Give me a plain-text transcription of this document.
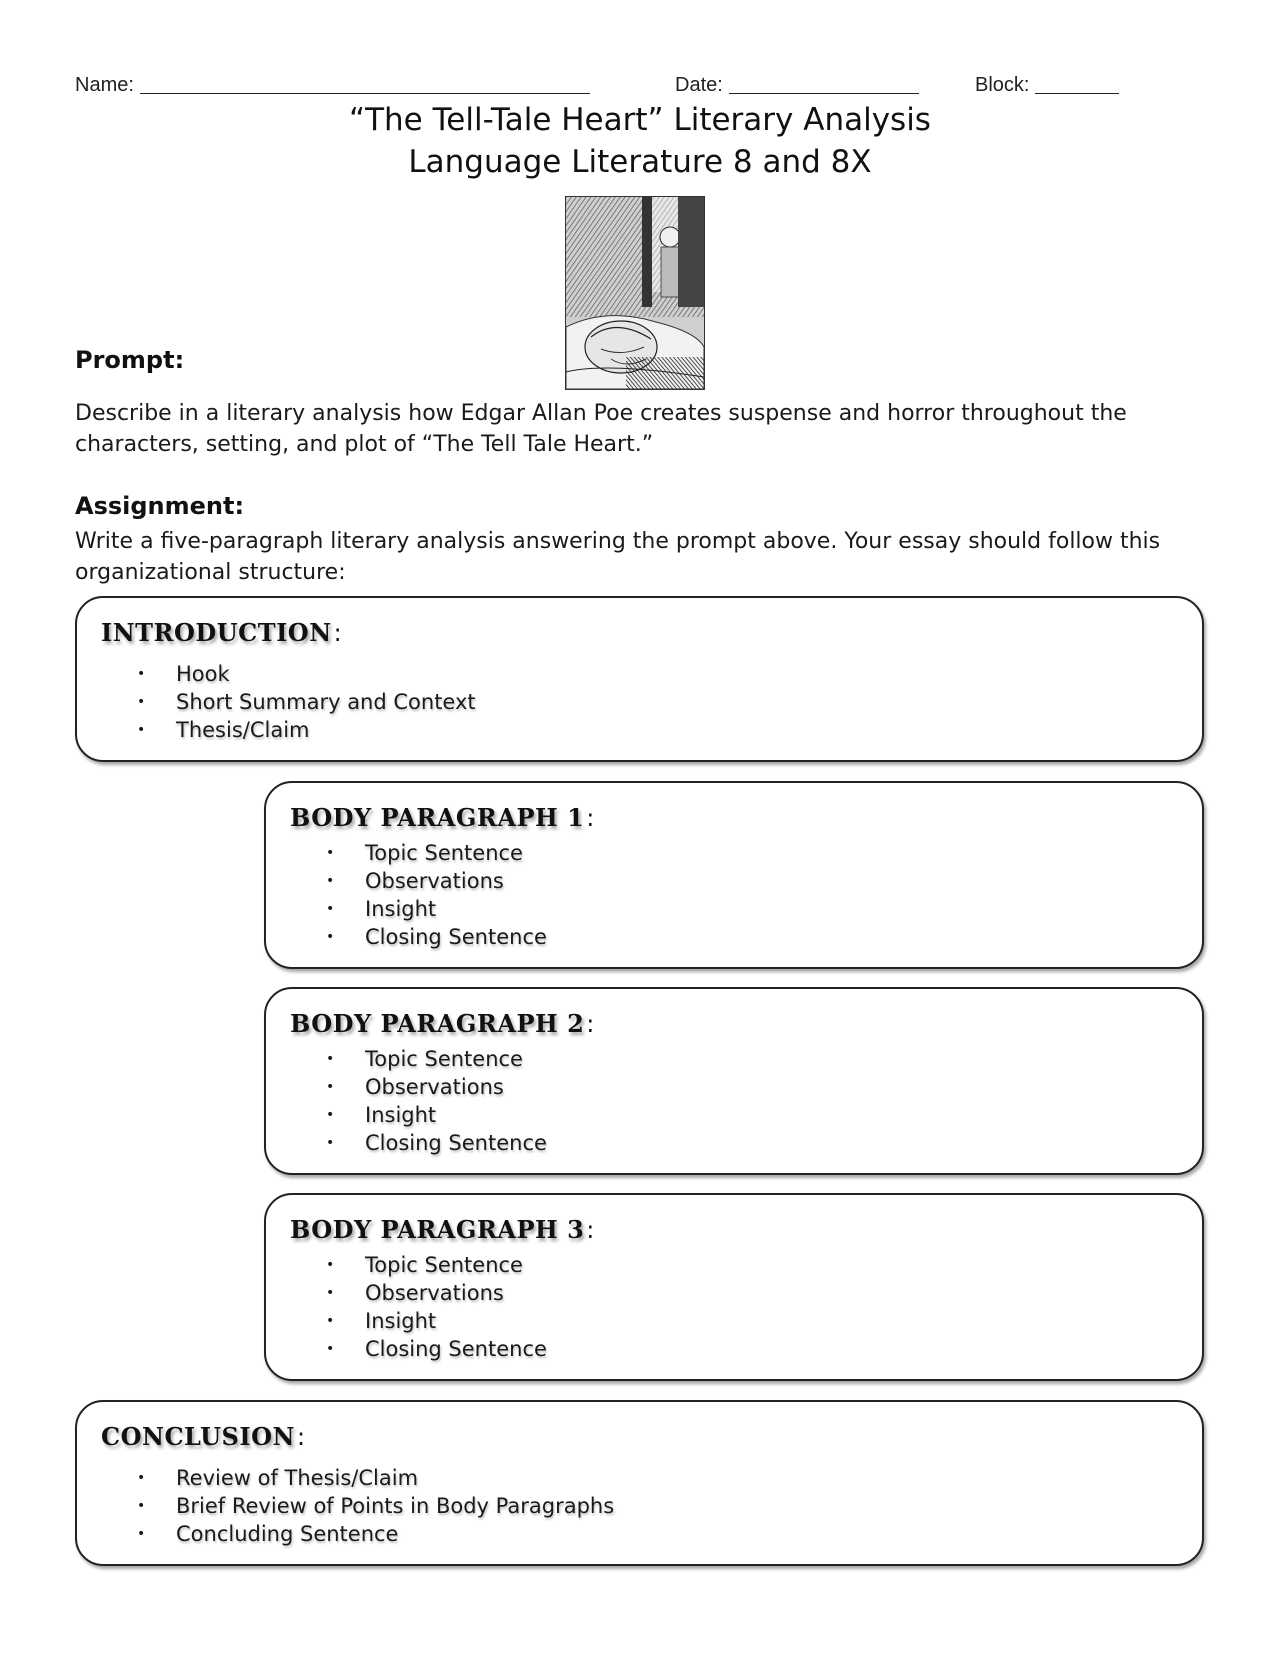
Name:	Date:	Block:
“The Tell-Tale Heart” Literary Analysis
Language Literature 8 and 8X
Prompt:
Describe in a literary analysis how Edgar Allan Poe creates suspense and horror throughout the characters, setting, and plot of “The Tell Tale Heart.”
Assignment:
Write a five-paragraph literary analysis answering the prompt above. Your essay should follow this organizational structure:
INTRODUCTION:
• Hook
• Short Summary and Context
• Thesis/Claim
BODY PARAGRAPH 1:
• Topic Sentence
• Observations
• Insight
• Closing Sentence
BODY PARAGRAPH 2:
• Topic Sentence
• Observations
• Insight
• Closing Sentence
BODY PARAGRAPH 3:
• Topic Sentence
• Observations
• Insight
• Closing Sentence
CONCLUSION:
• Review of Thesis/Claim
• Brief Review of Points in Body Paragraphs
• Concluding Sentence
